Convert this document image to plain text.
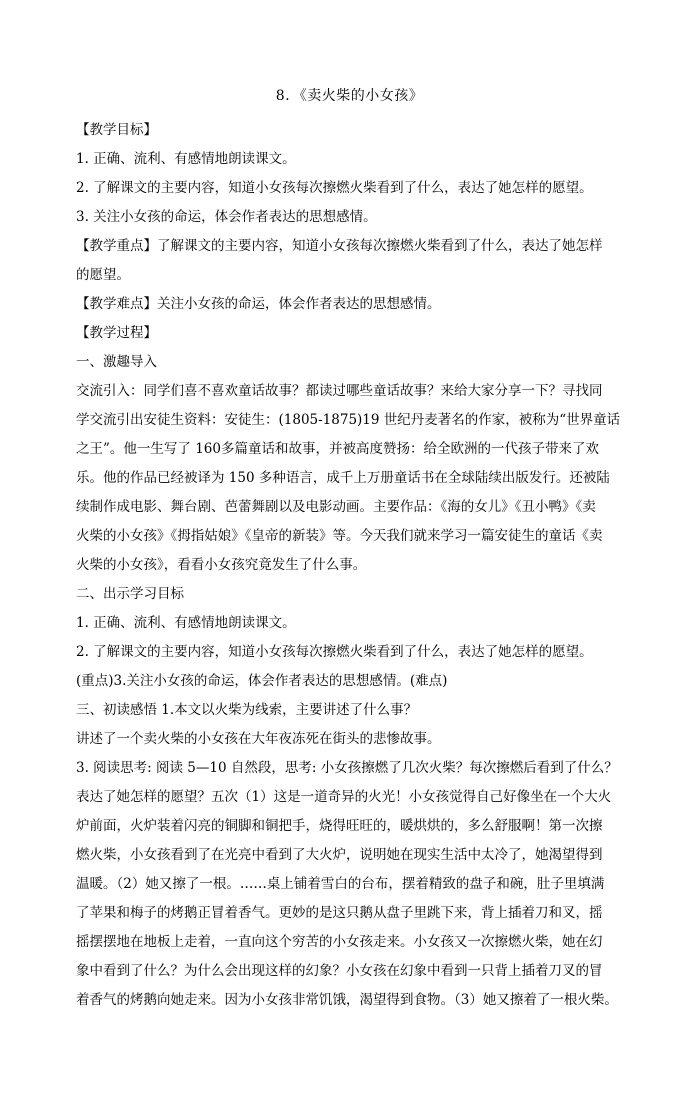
8．《卖火柴的小女孩》

【教学目标】

1. 正确、流利、有感情地朗读课文。

2. 了解课文的主要内容，知道小女孩每次擦燃火柴看到了什么，表达了她怎样的愿望。

3. 关注小女孩的命运，体会作者表达的思想感情。

【教学重点】了解课文的主要内容，知道小女孩每次擦燃火柴看到了什么，表达了她怎样

的愿望。

【教学难点】关注小女孩的命运，体会作者表达的思想感情。

【教学过程】

一、激趣导入

交流引入：同学们喜不喜欢童话故事？都读过哪些童话故事？来给大家分享一下？寻找同

学交流引出安徒生资料：安徒生：(1805-1875)19 世纪丹麦著名的作家，被称为“世界童话

之王”。他一生写了 160多篇童话和故事，并被高度赞扬：给全欧洲的一代孩子带来了欢

乐。他的作品已经被译为 150 多种语言，成千上万册童话书在全球陆续出版发行。还被陆

续制作成电影、舞台剧、芭蕾舞剧以及电影动画。主要作品：《海的女儿》《丑小鸭》《卖

火柴的小女孩》《拇指姑娘》《皇帝的新装》等。今天我们就来学习一篇安徒生的童话《卖

火柴的小女孩》，看看小女孩究竟发生了什么事。

二、出示学习目标

1. 正确、流利、有感情地朗读课文。

2. 了解课文的主要内容，知道小女孩每次擦燃火柴看到了什么，表达了她怎样的愿望。

(重点)3.关注小女孩的命运，体会作者表达的思想感情。(难点)

三、初读感悟 1.本文以火柴为线索，主要讲述了什么事？

讲述了一个卖火柴的小女孩在大年夜冻死在街头的悲惨故事。

3. 阅读思考: 阅读 5—10 自然段，思考: 小女孩擦燃了几次火柴？每次擦燃后看到了什么？

表达了她怎样的愿望？五次（1）这是一道奇异的火光！小女孩觉得自己好像坐在一个大火

炉前面，火炉装着闪亮的铜脚和铜把手，烧得旺旺的，暖烘烘的，多么舒服啊！第一次擦

燃火柴，小女孩看到了在光亮中看到了大火炉，说明她在现实生活中太冷了，她渴望得到

温暖。（2）她又擦了一根。……桌上铺着雪白的台布，摆着精致的盘子和碗，肚子里填满

了苹果和梅子的烤鹅正冒着香气。更妙的是这只鹅从盘子里跳下来，背上插着刀和叉，摇

摇摆摆地在地板上走着，一直向这个穷苦的小女孩走来。小女孩又一次擦燃火柴，她在幻

象中看到了什么？为什么会出现这样的幻象？小女孩在幻象中看到一只背上插着刀叉的冒

着香气的烤鹅向她走来。因为小女孩非常饥饿，渴望得到食物。（3）她又擦着了一根火柴。
